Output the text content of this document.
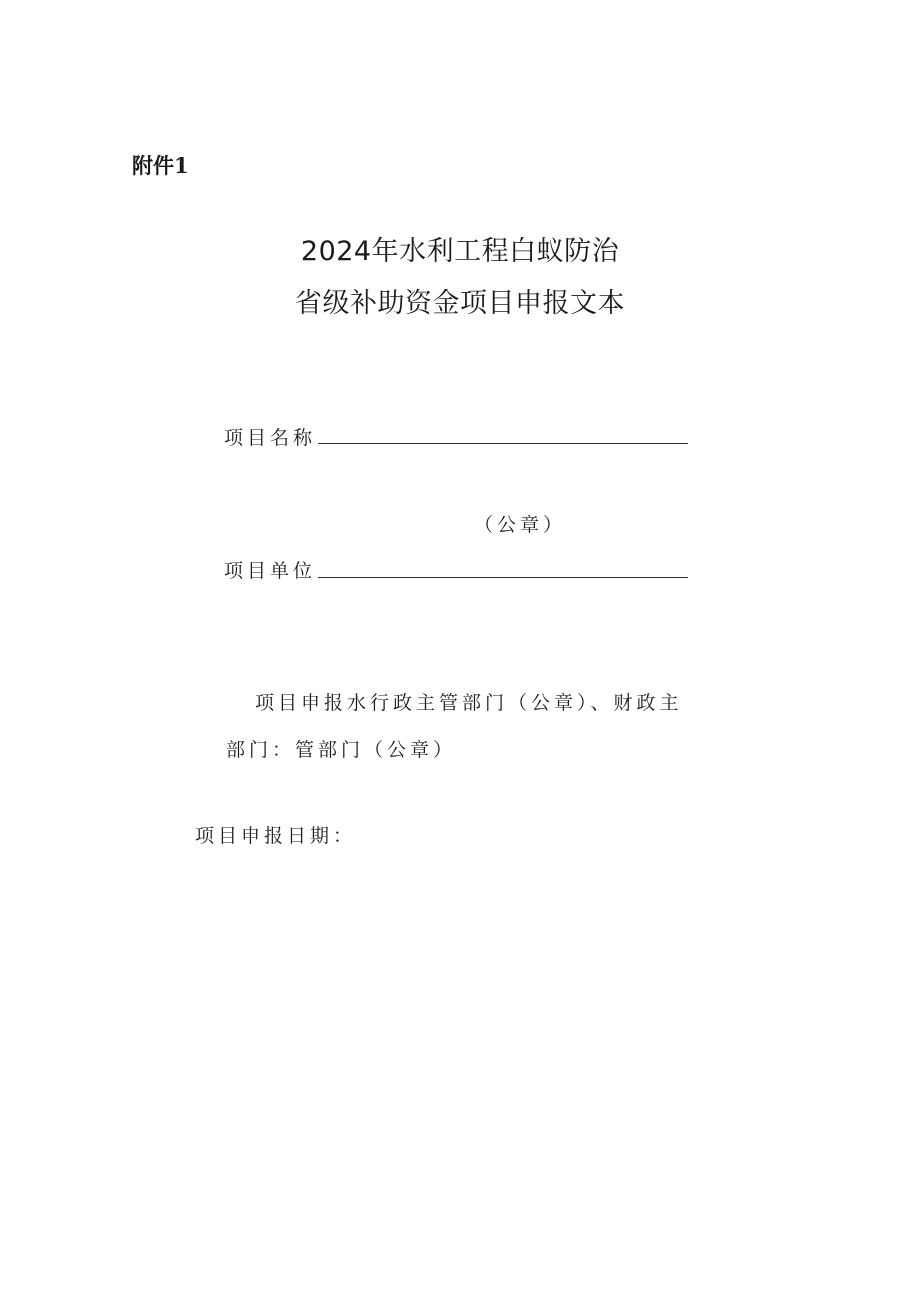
附件1
2024年水利工程白蚁防治
省级补助资金项目申报文本
项目名称
（公章）
项目单位
项目申报水行政主管部门（公章）、财政主
部门：管部门（公章）
项目申报日期：
